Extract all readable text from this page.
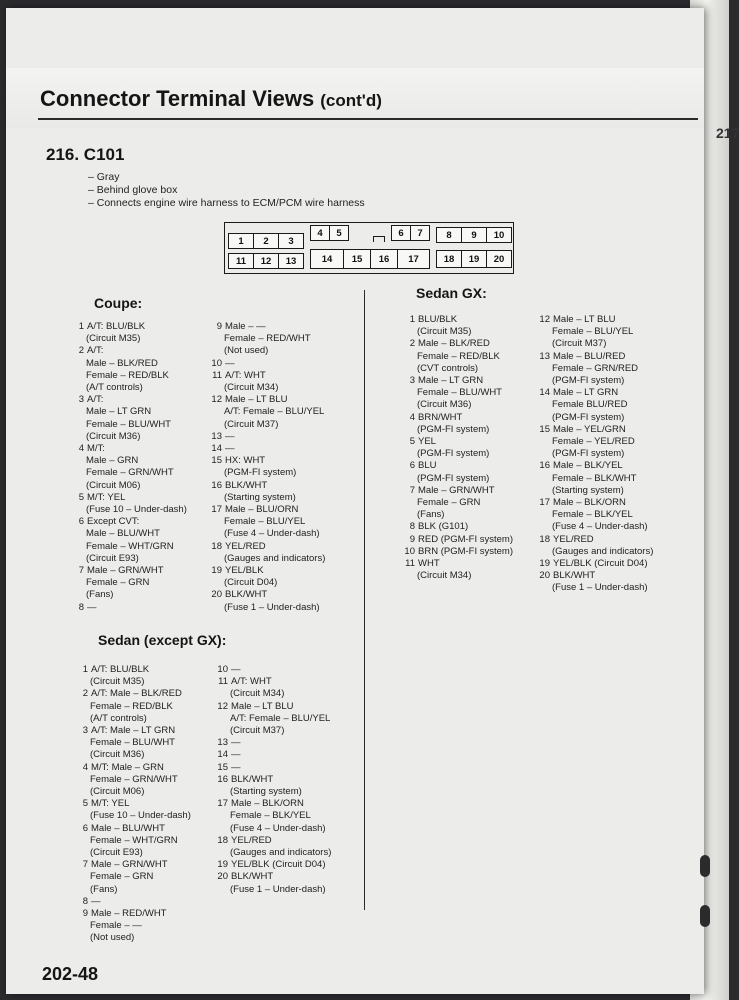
217
Connector Terminal Views (cont'd)
216. C101
– Gray
– Behind glove box
– Connects engine wire harness to ECM/PCM wire harness
1	2	3
4	5	6	7	8	9	10
11	12	13	14	15	16	17	18	19	20
Coupe:
1 A/T: BLU/BLK
(Circuit M35)
2 A/T:
Male – BLK/RED
Female – RED/BLK
(A/T controls)
3 A/T:
Male – LT GRN
Female – BLU/WHT
(Circuit M36)
4 M/T:
Male – GRN
Female – GRN/WHT
(Circuit M06)
5 M/T: YEL
(Fuse 10 – Under-dash)
6 Except CVT:
Male – BLU/WHT
Female – WHT/GRN
(Circuit E93)
7 Male – GRN/WHT
Female – GRN
(Fans)
8 —
9 Male – —
Female – RED/WHT
(Not used)
10 —
11 A/T: WHT
(Circuit M34)
12 Male – LT BLU
A/T: Female – BLU/YEL
(Circuit M37)
13 —
14 —
15 HX: WHT
(PGM-FI system)
16 BLK/WHT
(Starting system)
17 Male – BLU/ORN
Female – BLU/YEL
(Fuse 4 – Under-dash)
18 YEL/RED
(Gauges and indicators)
19 YEL/BLK
(Circuit D04)
20 BLK/WHT
(Fuse 1 – Under-dash)
Sedan (except GX):
1 A/T: BLU/BLK
(Circuit M35)
2 A/T: Male – BLK/RED
Female – RED/BLK
(A/T controls)
3 A/T: Male – LT GRN
Female – BLU/WHT
(Circuit M36)
4 M/T: Male – GRN
Female – GRN/WHT
(Circuit M06)
5 M/T: YEL
(Fuse 10 – Under-dash)
6 Male – BLU/WHT
Female – WHT/GRN
(Circuit E93)
7 Male – GRN/WHT
Female – GRN
(Fans)
8 —
9 Male – RED/WHT
Female – —
(Not used)
10 —
11 A/T: WHT
(Circuit M34)
12 Male – LT BLU
A/T: Female – BLU/YEL
(Circuit M37)
13 —
14 —
15 —
16 BLK/WHT
(Starting system)
17 Male – BLK/ORN
Female – BLK/YEL
(Fuse 4 – Under-dash)
18 YEL/RED
(Gauges and indicators)
19 YEL/BLK (Circuit D04)
20 BLK/WHT
(Fuse 1 – Under-dash)
Sedan GX:
1 BLU/BLK
(Circuit M35)
2 Male – BLK/RED
Female – RED/BLK
(CVT controls)
3 Male – LT GRN
Female – BLU/WHT
(Circuit M36)
4 BRN/WHT
(PGM-FI system)
5 YEL
(PGM-FI system)
6 BLU
(PGM-FI system)
7 Male – GRN/WHT
Female – GRN
(Fans)
8 BLK (G101)
9 RED (PGM-FI system)
10 BRN (PGM-FI system)
11 WHT
(Circuit M34)
12 Male – LT BLU
Female – BLU/YEL
(Circuit M37)
13 Male – BLU/RED
Female – GRN/RED
(PGM-FI system)
14 Male – LT GRN
Female BLU/RED
(PGM-FI system)
15 Male – YEL/GRN
Female – YEL/RED
(PGM-FI system)
16 Male – BLK/YEL
Female – BLK/WHT
(Starting system)
17 Male – BLK/ORN
Female – BLK/YEL
(Fuse 4 – Under-dash)
18 YEL/RED
(Gauges and indicators)
19 YEL/BLK (Circuit D04)
20 BLK/WHT
(Fuse 1 – Under-dash)
202-48
